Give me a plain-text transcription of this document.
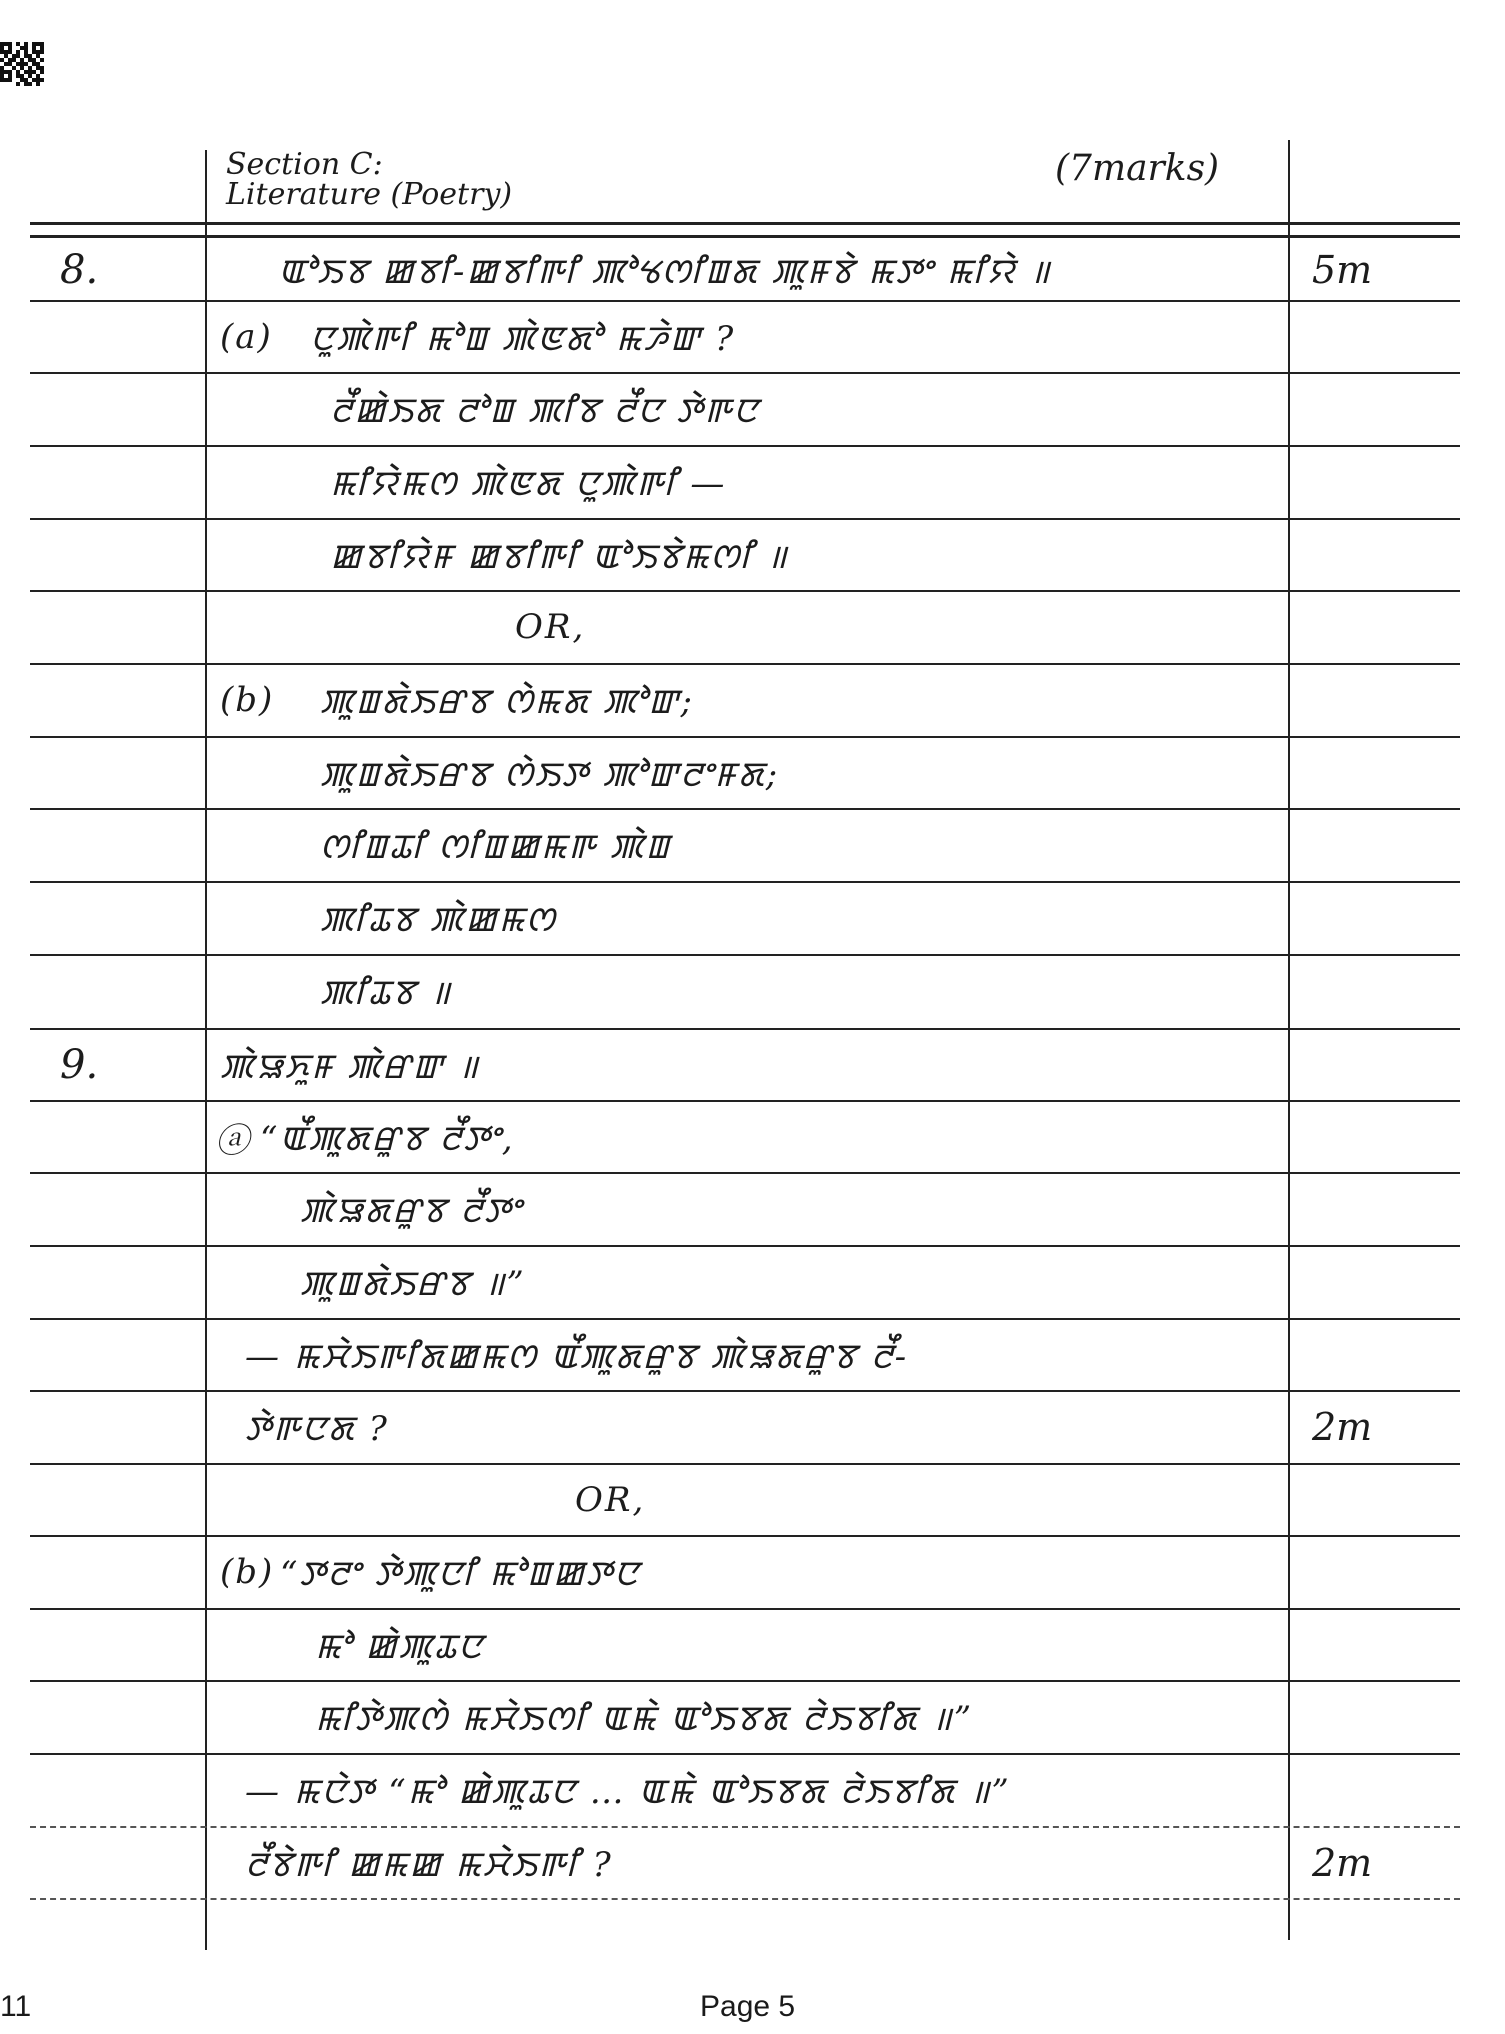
Section C:
Literature (Poetry)
(7marks)
8.	ꯑꯣꯏꯕ ꯀꯕꯤ-ꯀꯕꯤꯒꯤ ꯄꯣꯠꯁꯤꯡꯗ ꯄꯨꯝꯕꯥ ꯃꯇꯦ ꯃꯤꯌꯥ ॥	5m
(a) ꯅꯨꯄꯥꯒꯤ ꯃꯣꯡ ꯄꯥꯟꯗꯣ ꯃꯍꯥꯛ ?
ꯂꯩꯀꯥꯏꯗ ꯂꯣꯡ ꯄꯤꯕ ꯂꯩꯅ ꯇꯥꯒꯅ
ꯃꯤꯌꯥꯃꯁ ꯄꯥꯟꯗ ꯅꯨꯄꯥꯒꯤ —
ꯀꯕꯤꯌꯥꯝ ꯀꯕꯤꯒꯤ ꯑꯣꯏꯕꯥꯃꯁꯤ ॥
OR,
(b) ꯄꯨꯡꯗꯥꯏꯔꯕ ꯁꯥꯃꯗ ꯄꯣꯛ;
ꯄꯨꯡꯗꯥꯏꯔꯕ ꯁꯥꯏꯇ ꯄꯣꯛꯂꯦꯝꯗ;
ꯁꯤꯡꯊꯤ ꯁꯤꯡꯀꯃꯒ ꯄꯥꯡ
ꯄꯤꯊꯕ ꯄꯥꯀꯃꯁ
ꯄꯤꯊꯕ ॥
9.	ꯄꯥꯎꯈꯨꯝ ꯄꯥꯔꯛ ॥
ⓐ “ꯑꯩꯄꯨꯗꯔꯨꯕ ꯂꯩꯇꯦ,
ꯄꯥꯎꯗꯔꯨꯕ ꯂꯩꯇꯦ
ꯄꯨꯡꯗꯥꯏꯔꯕ ॥”
— ꯃꯆꯥꯏꯒꯤꯗꯀꯃꯁ ꯑꯩꯄꯨꯗꯔꯨꯕ ꯄꯥꯎꯗꯔꯨꯕ ꯂꯩ-
ꯇꯥꯒꯅꯗ ?	2m
OR,
(b) “ꯇꯂꯦ ꯇꯥꯄꯨꯅꯤ ꯃꯣꯡꯀꯇꯅ
ꯃꯣ ꯀꯥꯄꯨꯊꯅ
ꯃꯤꯇꯥꯄꯁꯥ ꯃꯆꯥꯏꯁꯤ ꯑꯃꯥ ꯑꯣꯏꯕꯗ ꯂꯥꯏꯕꯤꯗ ॥”
— ꯃꯅꯥꯇ “ꯃꯣ ꯀꯥꯄꯨꯊꯅ … ꯑꯃꯥ ꯑꯣꯏꯕꯗ ꯂꯥꯏꯕꯤꯗ ॥”
ꯂꯩꯕꯥꯒꯤ ꯀꯃꯀ ꯃꯆꯥꯏꯒꯤ ?	2m
11	Page 5
